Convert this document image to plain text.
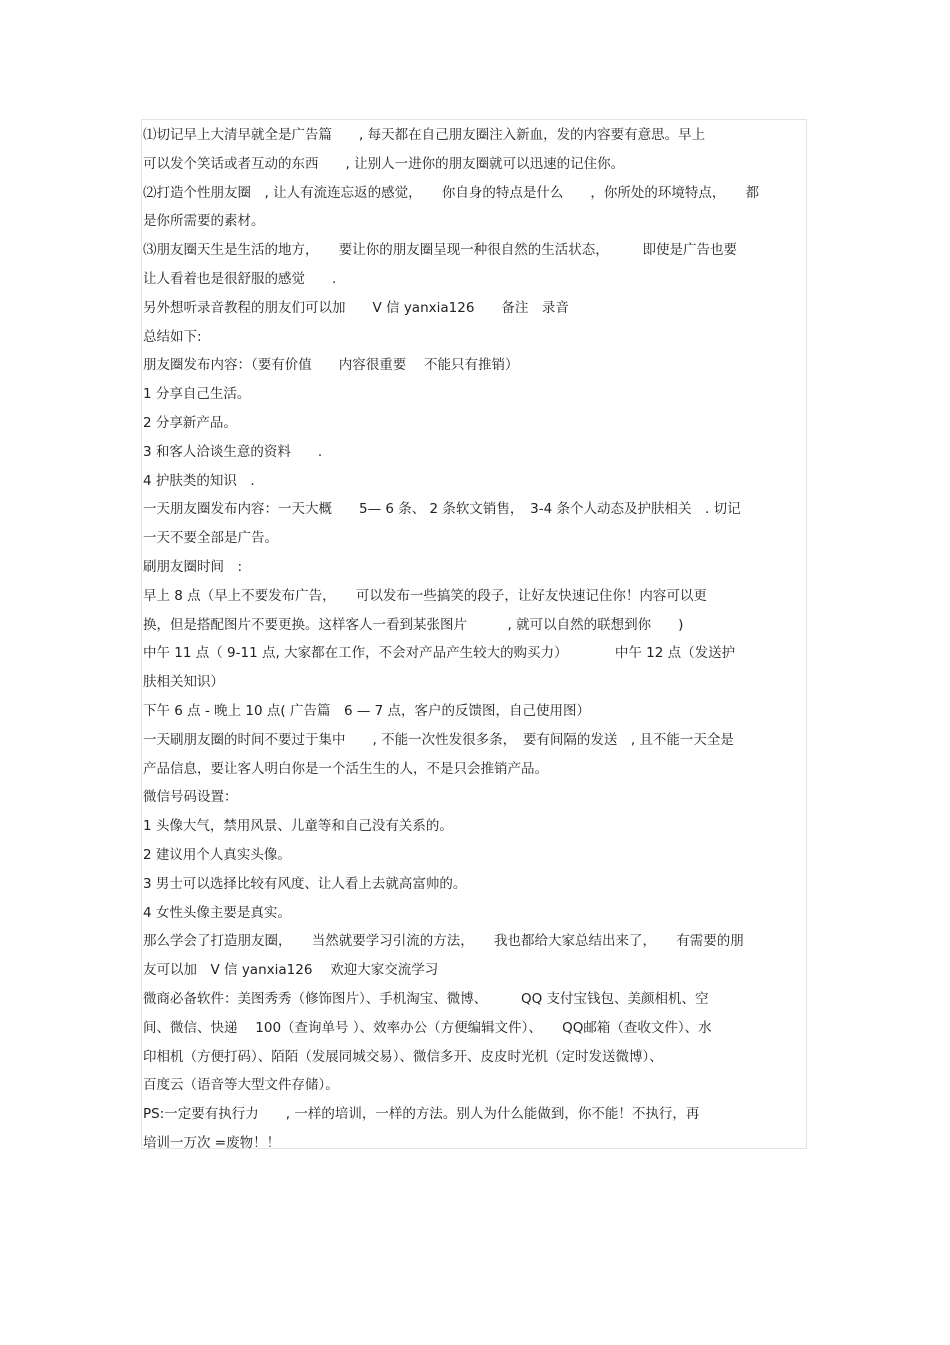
⑴切记早上大清早就全是广告篇　　, 每天都在自己朋友圈注入新血，发的内容要有意思。早上
可以发个笑话或者互动的东西　　, 让别人一进你的朋友圈就可以迅速的记住你。
⑵打造个性朋友圈　, 让人有流连忘返的感觉，　　你自身的特点是什么　　，你所处的环境特点，　　都
是你所需要的素材。
⑶朋友圈天生是生活的地方，　　要让你的朋友圈呈现一种很自然的生活状态，　　　即使是广告也要
让人看着也是很舒服的感觉　　.
另外想听录音教程的朋友们可以加　　V 信 yanxia126　　备注　录音
总结如下:
朋友圈发布内容：（要有价值　　内容很重要　 不能只有推销）
1 分享自己生活。
2 分享新产品。
3 和客人洽谈生意的资料　　.
4 护肤类的知识　.
一天朋友圈发布内容：一天大概　　5— 6 条、 2 条软文销售，　3-4 条个人动态及护肤相关　. 切记
一天不要全部是广告。
刷朋友圈时间　:
早上 8 点（早上不要发布广告，　　可以发布一些搞笑的段子，让好友快速记住你！内容可以更
换，但是搭配图片不要更换。这样客人一看到某张图片　　　, 就可以自然的联想到你　　)
中午 11 点（ 9-11 点, 大家都在工作，不会对产品产生较大的购买力）　　　　中午 12 点（发送护
肤相关知识）
下午 6 点 - 晚上 10 点( 广告篇　6 — 7 点，客户的反馈图，自己使用图）
一天刷朋友圈的时间不要过于集中　　, 不能一次性发很多条，　要有间隔的发送　, 且不能一天全是
产品信息，要让客人明白你是一个活生生的人，不是只会推销产品。
微信号码设置：
1 头像大气，禁用风景、儿童等和自己没有关系的。
2 建议用个人真实头像。
3 男士可以选择比较有风度、让人看上去就高富帅的。
4 女性头像主要是真实。
那么学会了打造朋友圈，　　当然就要学习引流的方法，　　我也都给大家总结出来了，　　有需要的朋
友可以加　V 信 yanxia126　 欢迎大家交流学习
微商必备软件：美图秀秀（修饰图片）、手机淘宝、微博、　　　QQ 支付宝钱包、美颜相机、空
间、微信、快递　 100（查询单号 ）、效率办公（方便编辑文件）、　　QQ邮箱（查收文件）、水
印相机（方便打码）、陌陌（发展同城交易）、微信多开、皮皮时光机（定时发送微博）、
百度云（语音等大型文件存储）。
PS:一定要有执行力　　, 一样的培训，一样的方法。别人为什么能做到，你不能！不执行，再
培训一万次 =废物！！
